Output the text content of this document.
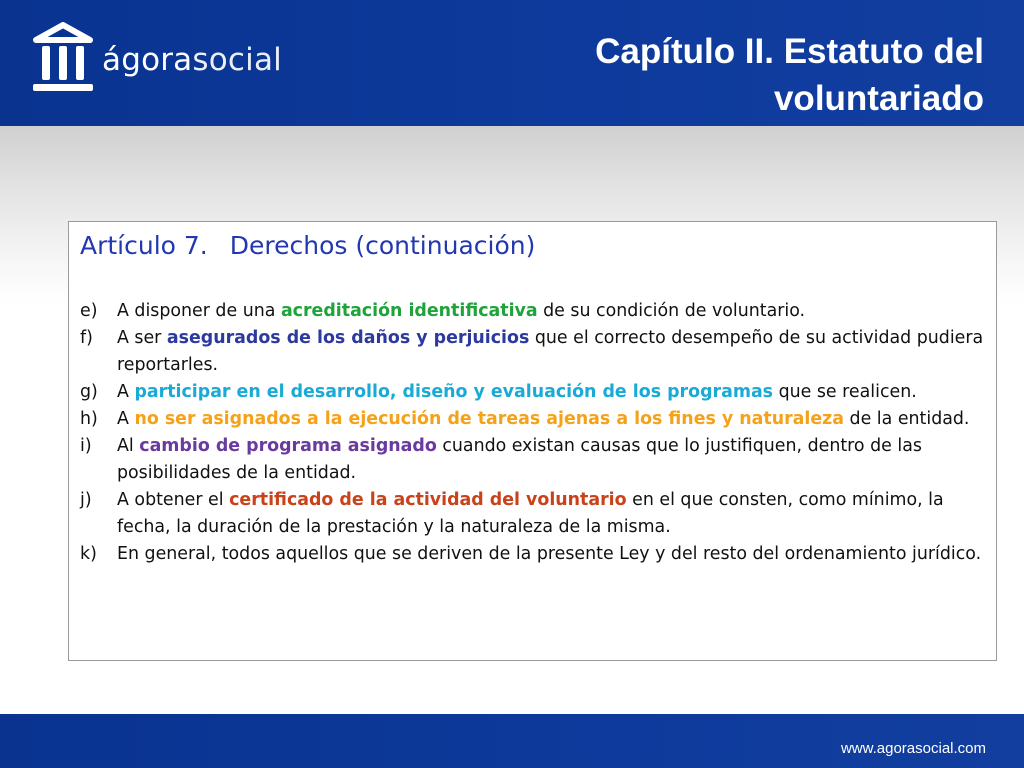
ágorasocial	Capítulo II. Estatuto del voluntariado
Artículo 7. Derechos (continuación)
e) A disponer de una acreditación identificativa de su condición de voluntario.
f) A ser asegurados de los daños y perjuicios que el correcto desempeño de su actividad pudiera reportarles.
g) A participar en el desarrollo, diseño y evaluación de los programas que se realicen.
h) A no ser asignados a la ejecución de tareas ajenas a los fines y naturaleza de la entidad.
i) Al cambio de programa asignado cuando existan causas que lo justifiquen, dentro de las posibilidades de la entidad.
j) A obtener el certificado de la actividad del voluntario en el que consten, como mínimo, la fecha, la duración de la prestación y la naturaleza de la misma.
k) En general, todos aquellos que se deriven de la presente Ley y del resto del ordenamiento jurídico.
www.agorasocial.com
